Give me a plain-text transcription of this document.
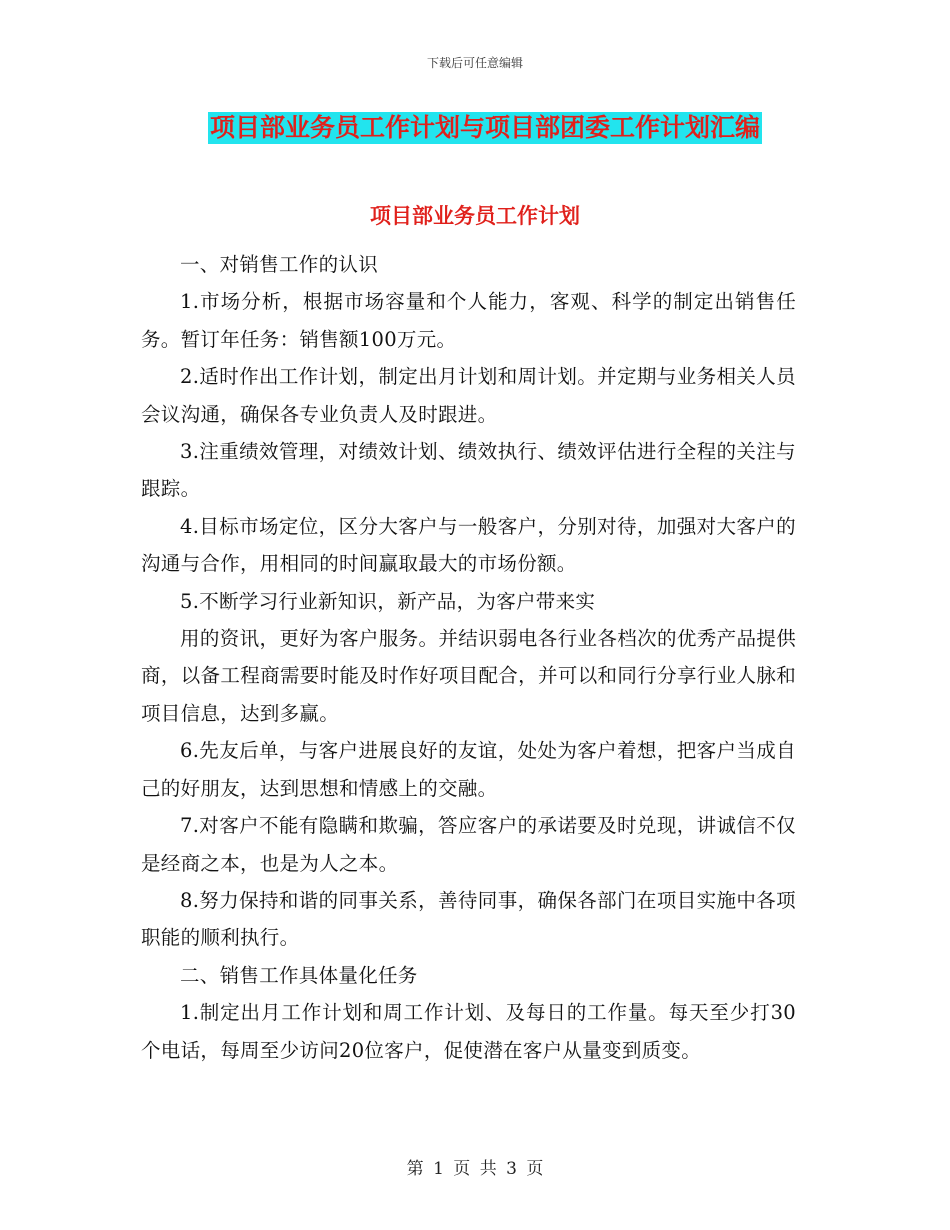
下载后可任意编辑
项目部业务员工作计划与项目部团委工作计划汇编
项目部业务员工作计划

一、对销售工作的认识

1.市场分析，根据市场容量和个人能力，客观、科学的制定出销售任务。暂订年任务：销售额100万元。

2.适时作出工作计划，制定出月计划和周计划。并定期与业务相关人员会议沟通，确保各专业负责人及时跟进。

3.注重绩效管理，对绩效计划、绩效执行、绩效评估进行全程的关注与跟踪。

4.目标市场定位，区分大客户与一般客户，分别对待，加强对大客户的沟通与合作，用相同的时间赢取最大的市场份额。

5.不断学习行业新知识，新产品，为客户带来实

用的资讯，更好为客户服务。并结识弱电各行业各档次的优秀产品提供商，以备工程商需要时能及时作好项目配合，并可以和同行分享行业人脉和项目信息，达到多赢。

6.先友后单，与客户进展良好的友谊，处处为客户着想，把客户当成自己的好朋友，达到思想和情感上的交融。

7.对客户不能有隐瞒和欺骗，答应客户的承诺要及时兑现，讲诚信不仅是经商之本，也是为人之本。

8.努力保持和谐的同事关系，善待同事，确保各部门在项目实施中各项职能的顺利执行。

二、销售工作具体量化任务

1.制定出月工作计划和周工作计划、及每日的工作量。每天至少打30个电话，每周至少访问20位客户，促使潜在客户从量变到质变。

第 1 页 共 3 页
